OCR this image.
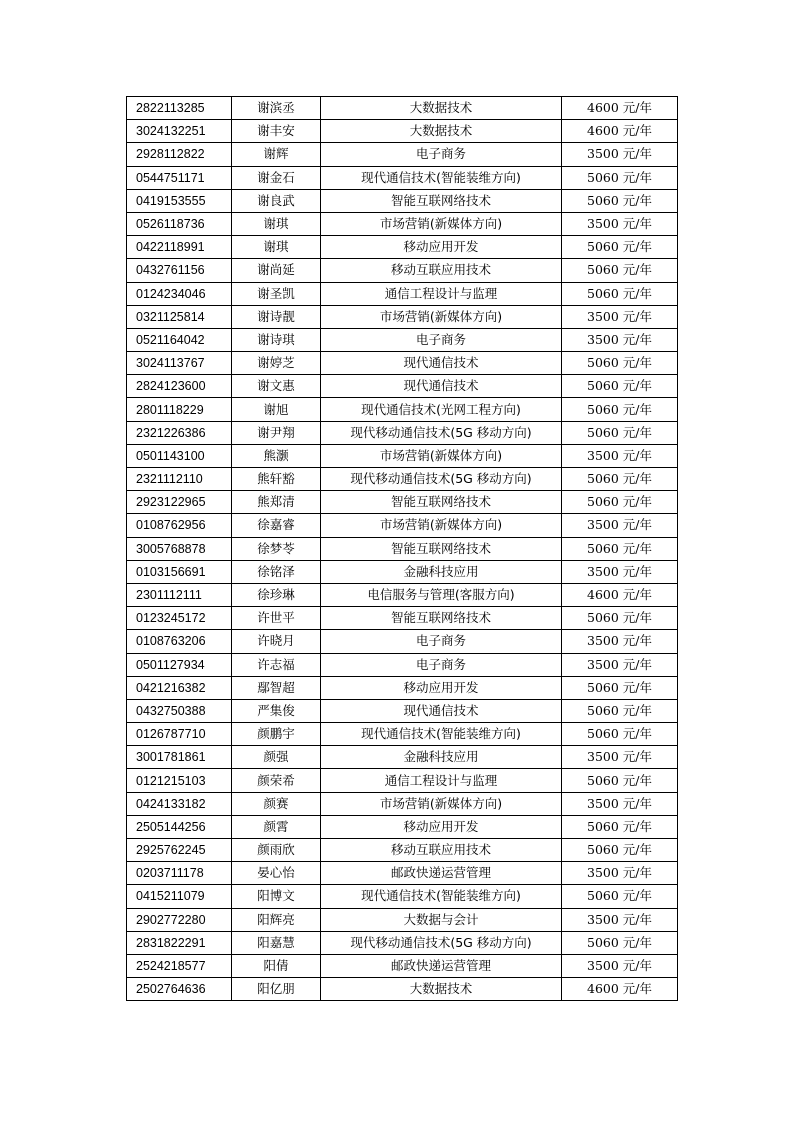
2822113285	谢滨丞	大数据技术	4600 元/年
3024132251	谢丰安	大数据技术	4600 元/年
2928112822	谢辉	电子商务	3500 元/年
0544751171	谢金石	现代通信技术(智能装维方向)	5060 元/年
0419153555	谢良武	智能互联网络技术	5060 元/年
0526118736	谢琪	市场营销(新媒体方向)	3500 元/年
0422118991	谢琪	移动应用开发	5060 元/年
0432761156	谢尚延	移动互联应用技术	5060 元/年
0124234046	谢圣凯	通信工程设计与监理	5060 元/年
0321125814	谢诗靓	市场营销(新媒体方向)	3500 元/年
0521164042	谢诗琪	电子商务	3500 元/年
3024113767	谢婷芝	现代通信技术	5060 元/年
2824123600	谢文惠	现代通信技术	5060 元/年
2801118229	谢旭	现代通信技术(光网工程方向)	5060 元/年
2321226386	谢尹翔	现代移动通信技术(5G 移动方向)	5060 元/年
0501143100	熊灏	市场营销(新媒体方向)	3500 元/年
2321112110	熊轩豁	现代移动通信技术(5G 移动方向)	5060 元/年
2923122965	熊郑清	智能互联网络技术	5060 元/年
0108762956	徐嘉睿	市场营销(新媒体方向)	3500 元/年
3005768878	徐梦苓	智能互联网络技术	5060 元/年
0103156691	徐铭泽	金融科技应用	3500 元/年
2301112111	徐珍琳	电信服务与管理(客服方向)	4600 元/年
0123245172	许世平	智能互联网络技术	5060 元/年
0108763206	许晓月	电子商务	3500 元/年
0501127934	许志福	电子商务	3500 元/年
0421216382	鄢智超	移动应用开发	5060 元/年
0432750388	严集俊	现代通信技术	5060 元/年
0126787710	颜鹏宇	现代通信技术(智能装维方向)	5060 元/年
3001781861	颜强	金融科技应用	3500 元/年
0121215103	颜荣希	通信工程设计与监理	5060 元/年
0424133182	颜赛	市场营销(新媒体方向)	3500 元/年
2505144256	颜霄	移动应用开发	5060 元/年
2925762245	颜雨欣	移动互联应用技术	5060 元/年
0203711178	晏心怡	邮政快递运营管理	3500 元/年
0415211079	阳博文	现代通信技术(智能装维方向)	5060 元/年
2902772280	阳辉亮	大数据与会计	3500 元/年
2831822291	阳嘉慧	现代移动通信技术(5G 移动方向)	5060 元/年
2524218577	阳倩	邮政快递运营管理	3500 元/年
2502764636	阳亿朋	大数据技术	4600 元/年
